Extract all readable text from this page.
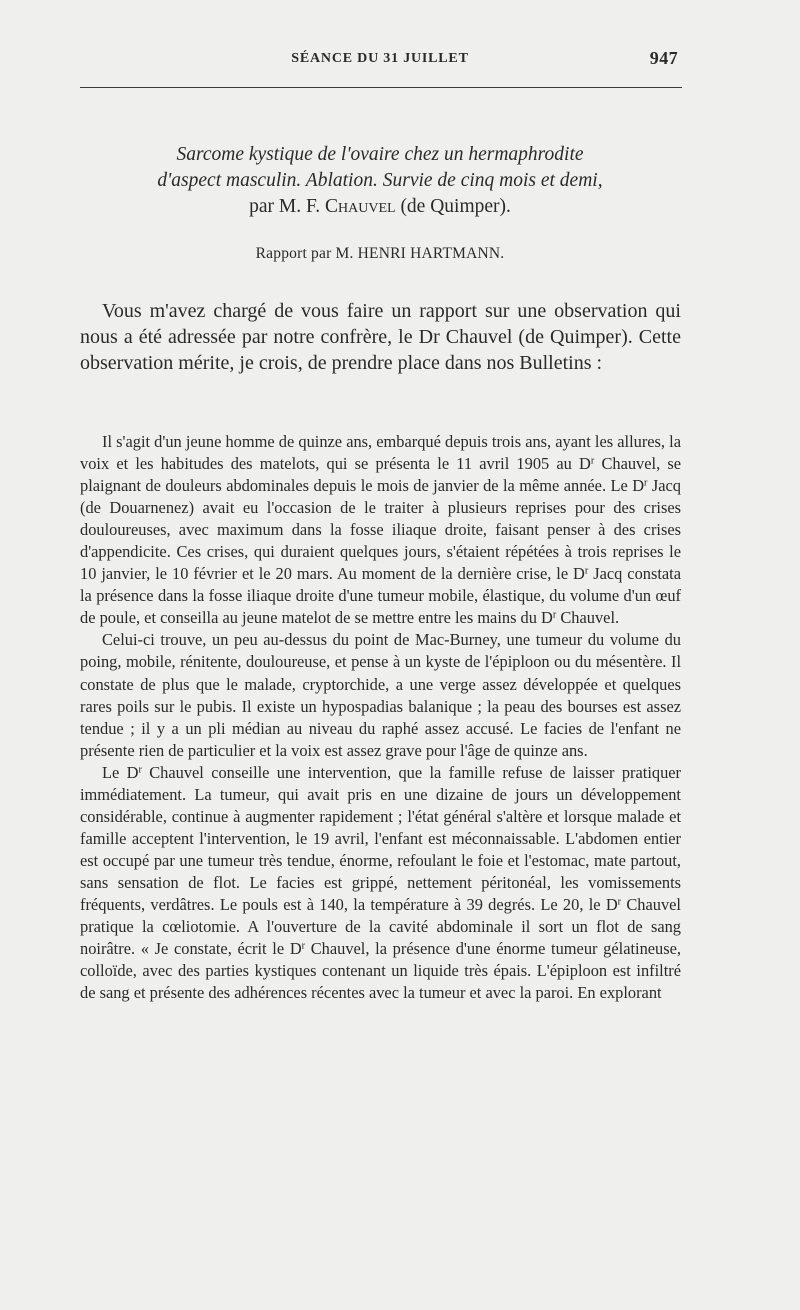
SÉANCE DU 31 JUILLET	947
Sarcome kystique de l'ovaire chez un hermaphrodite
d'aspect masculin. Ablation. Survie de cinq mois et demi,
par M. F. Chauvel (de Quimper).
Rapport par M. HENRI HARTMANN.

Vous m'avez chargé de vous faire un rapport sur une observation qui nous a été adressée par notre confrère, le Dr Chauvel (de Quimper). Cette observation mérite, je crois, de prendre place dans nos Bulletins :

Il s'agit d'un jeune homme de quinze ans, embarqué depuis trois ans, ayant les allures, la voix et les habitudes des matelots, qui se présenta le 11 avril 1905 au $D^r$ Chauvel, se plaignant de douleurs abdominales depuis le mois de janvier de la même année. Le $D^r$ Jacq (de Douarnenez) avait eu l'occasion de le traiter à plusieurs reprises pour des crises douloureuses, avec maximum dans la fosse iliaque droite, faisant penser à des crises d'appendicite. Ces crises, qui duraient quelques jours, s'étaient répétées à trois reprises le 10 janvier, le 10 février et le 20 mars. Au moment de la dernière crise, le $D^r$ Jacq constata la présence dans la fosse iliaque droite d'une tumeur mobile, élastique, du volume d'un œuf de poule, et conseilla au jeune matelot de se mettre entre les mains du $D^r$ Chauvel.

Celui-ci trouve, un peu au-dessus du point de Mac-Burney, une tumeur du volume du poing, mobile, rénitente, douloureuse, et pense à un kyste de l'épiploon ou du mésentère. Il constate de plus que le malade, cryptorchide, a une verge assez développée et quelques rares poils sur le pubis. Il existe un hypospadias balanique ; la peau des bourses est assez tendue ; il y a un pli médian au niveau du raphé assez accusé. Le facies de l'enfant ne présente rien de particulier et la voix est assez grave pour l'âge de quinze ans.

Le $D^r$ Chauvel conseille une intervention, que la famille refuse de laisser pratiquer immédiatement. La tumeur, qui avait pris en une dizaine de jours un développement considérable, continue à augmenter rapidement ; l'état général s'altère et lorsque malade et famille acceptent l'intervention, le 19 avril, l'enfant est méconnaissable. L'abdomen entier est occupé par une tumeur très tendue, énorme, refoulant le foie et l'estomac, mate partout, sans sensation de flot. Le facies est grippé, nettement péritonéal, les vomissements fréquents, verdâtres. Le pouls est à 140, la température à 39 degrés. Le 20, le $D^r$ Chauvel pratique la cœliotomie. A l'ouverture de la cavité abdominale il sort un flot de sang noirâtre. « Je constate, écrit le $D^r$ Chauvel, la présence d'une énorme tumeur gélatineuse, colloïde, avec des parties kystiques contenant un liquide très épais. L'épiploon est infiltré de sang et présente des adhérences récentes avec la tumeur et avec la paroi. En explorant
